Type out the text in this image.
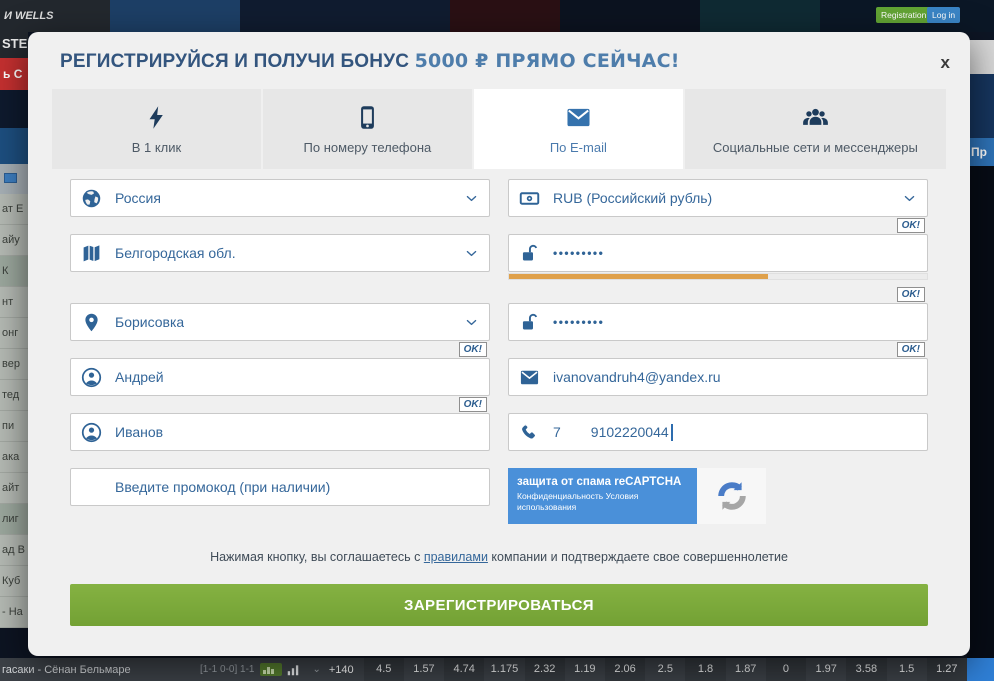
И WELLS	Registration Log in
STE
ь С
ат Е
айу
К
нт
онг
вер
тед
пи
ака
айт
лиг
ад В
Куб
- На
Пр
гасаки - Сёнан Бельмаре	[1-1 0-0] 1-1	⌄ +140	4.5	1.57	4.74	1.175	2.32	1.19	2.06	2.5	1.8	1.87	0	1.97	3.58	1.5	1.27
РЕГИСТРИРУЙСЯ И ПОЛУЧИ БОНУС 5000 ₽ ПРЯМО СЕЙЧАС!	x
В 1 клик	По номеру телефона	По E-mail	Социальные сети и мессенджеры
Россия
Белгородская обл.
Борисовка
Андрей
OK!
Иванов
OK!
Введите промокод (при наличии)
RUB (Российский рубль)
•••••••••
OK!
•••••••••
OK!
ivanovandruh4@yandex.ru
OK!
7 9102220044
защита от спама reCAPTCHA
Конфиденциальность Условия использования
Нажимая кнопку, вы соглашаетесь с правилами компании и подтверждаете свое совершеннолетие
ЗАРЕГИСТРИРОВАТЬСЯ
